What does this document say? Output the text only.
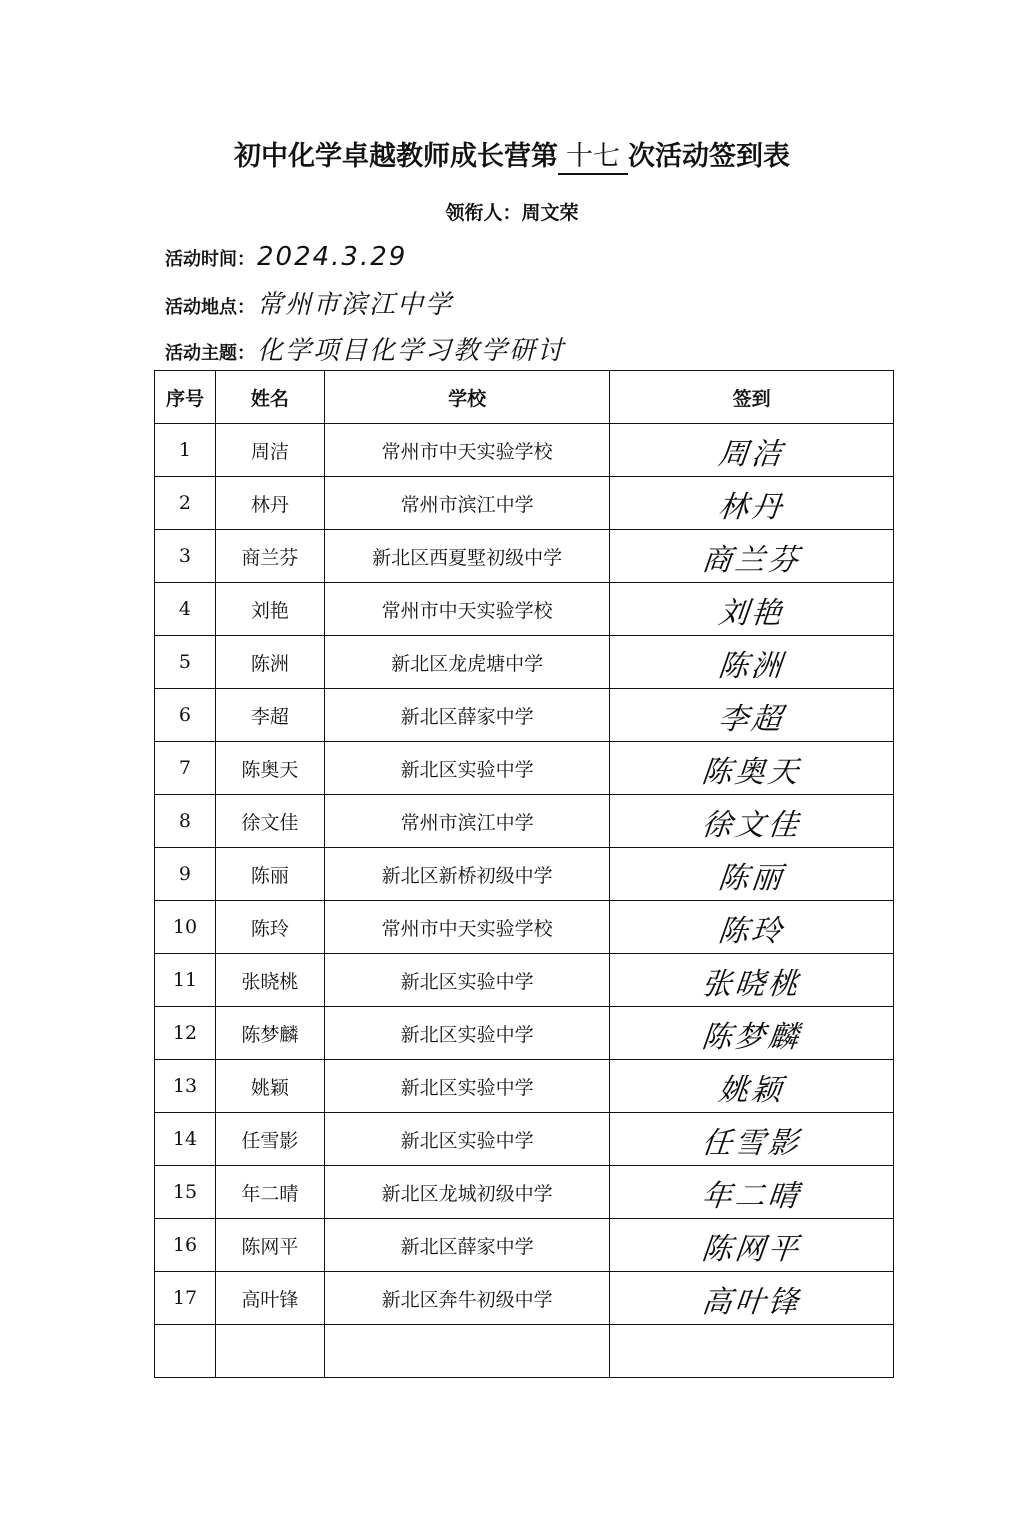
初中化学卓越教师成长营第 十七 次活动签到表
领衔人：周文荣
活动时间：2024.3.29
活动地点：常州市滨江中学
活动主题：化学项目化学习教学研讨
序号	姓名	学校	签到
1	周洁	常州市中天实验学校	周洁
2	林丹	常州市滨江中学	林丹
3	商兰芬	新北区西夏墅初级中学	商兰芬
4	刘艳	常州市中天实验学校	刘艳
5	陈洲	新北区龙虎塘中学	陈洲
6	李超	新北区薛家中学	李超
7	陈奥天	新北区实验中学	陈奥天
8	徐文佳	常州市滨江中学	徐文佳
9	陈丽	新北区新桥初级中学	陈丽
10	陈玲	常州市中天实验学校	陈玲
11	张晓桃	新北区实验中学	张晓桃
12	陈梦麟	新北区实验中学	陈梦麟
13	姚颖	新北区实验中学	姚颖
14	任雪影	新北区实验中学	任雪影
15	年二晴	新北区龙城初级中学	年二晴
16	陈网平	新北区薛家中学	陈网平
17	高叶锋	新北区奔牛初级中学	高叶锋
